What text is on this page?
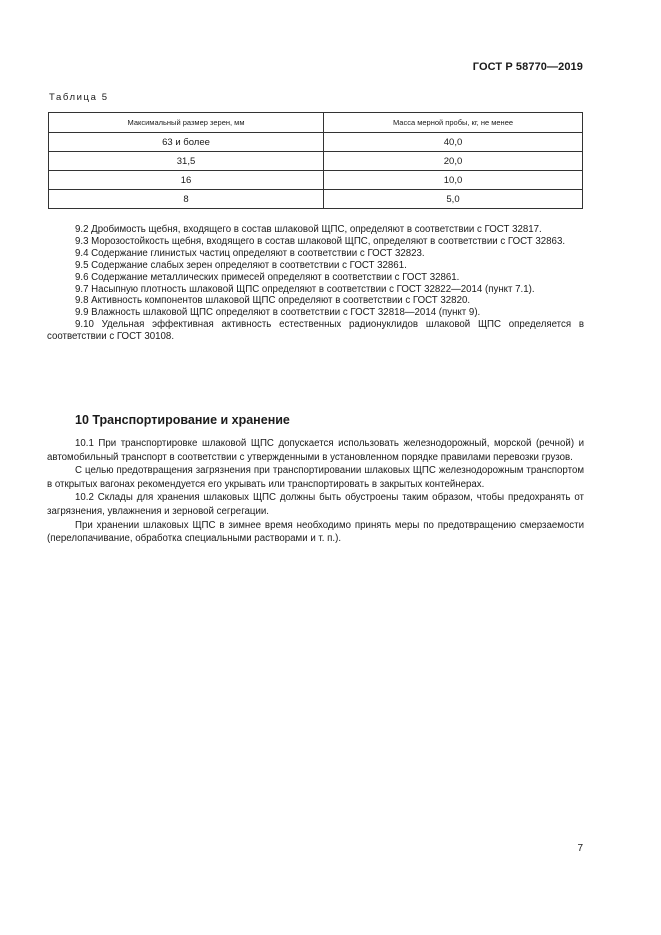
ГОСТ Р 58770—2019
Таблица 5
Максимальный размер зерен, мм	Масса мерной пробы, кг, не менее
63 и более	40,0
31,5	20,0
16	10,0
8	5,0

9.2 Дробимость щебня, входящего в состав шлаковой ЩПС, определяют в соответствии с ГОСТ 32817.

9.3 Морозостойкость щебня, входящего в состав шлаковой ЩПС, определяют в соответствии с ГОСТ 32863.

9.4 Содержание глинистых частиц определяют в соответствии с ГОСТ 32823.

9.5 Содержание слабых зерен определяют в соответствии с ГОСТ 32861.

9.6 Содержание металлических примесей определяют в соответствии с ГОСТ 32861.

9.7 Насыпную плотность шлаковой ЩПС определяют в соответствии с ГОСТ 32822—2014 (пункт 7.1).

9.8 Активность компонентов шлаковой ЩПС определяют в соответствии с ГОСТ 32820.

9.9 Влажность шлаковой ЩПС определяют в соответствии с ГОСТ 32818—2014 (пункт 9).

9.10 Удельная эффективная активность естественных радионуклидов шлаковой ЩПС определяется в соответствии с ГОСТ 30108.

10 Транспортирование и хранение

10.1 При транспортировке шлаковой ЩПС допускается использовать железнодорожный, морской (речной) и автомобильный транспорт в соответствии с утвержденными в установленном порядке правилами перевозки грузов.

С целью предотвращения загрязнения при транспортировании шлаковых ЩПС железнодорожным транспортом в открытых вагонах рекомендуется его укрывать или транспортировать в закрытых контейнерах.

10.2 Склады для хранения шлаковых ЩПС должны быть обустроены таким образом, чтобы предохранять от загрязнения, увлажнения и зерновой сегрегации.

При хранении шлаковых ЩПС в зимнее время необходимо принять меры по предотвращению смерзаемости (перелопачивание, обработка специальными растворами и т. п.).

7
